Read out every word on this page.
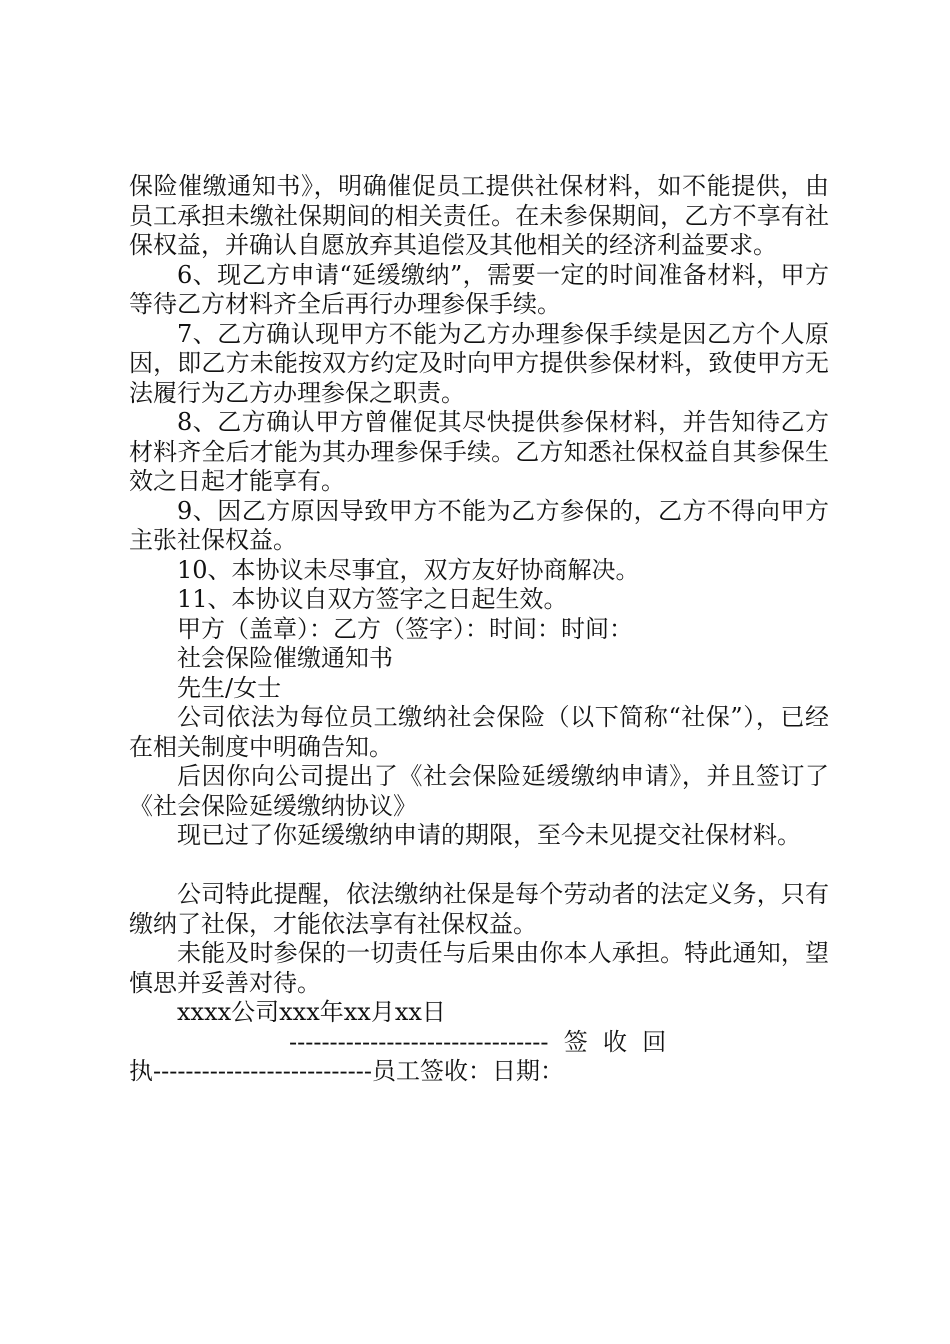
保险催缴通知书》，明确催促员工提供社保材料，如不能提供，由员工承担未缴社保期间的相关责任。在未参保期间，乙方不享有社保权益，并确认自愿放弃其追偿及其他相关的经济利益要求。

6、现乙方申请“延缓缴纳”，需要一定的时间准备材料，甲方等待乙方材料齐全后再行办理参保手续。

7、乙方确认现甲方不能为乙方办理参保手续是因乙方个人原因，即乙方未能按双方约定及时向甲方提供参保材料，致使甲方无法履行为乙方办理参保之职责。

8、乙方确认甲方曾催促其尽快提供参保材料，并告知待乙方材料齐全后才能为其办理参保手续。乙方知悉社保权益自其参保生效之日起才能享有。

9、因乙方原因导致甲方不能为乙方参保的，乙方不得向甲方主张社保权益。

10、本协议未尽事宜，双方友好协商解决。

11、本协议自双方签字之日起生效。

甲方（盖章）：乙方（签字）：时间：时间：

社会保险催缴通知书

先生/女士

公司依法为每位员工缴纳社会保险（以下简称“社保”），已经在相关制度中明确告知。

后因你向公司提出了《社会保险延缓缴纳申请》，并且签订了《社会保险延缓缴纳协议》

现已过了你延缓缴纳申请的期限，至今未见提交社保材料。

公司特此提醒，依法缴纳社保是每个劳动者的法定义务，只有缴纳了社保，才能依法享有社保权益。

未能及时参保的一切责任与后果由你本人承担。特此通知，望慎思并妥善对待。

xxxx公司xxx年xx月xx日
--------------------------------  签  收  回
执---------------------------员工签收：日期：
